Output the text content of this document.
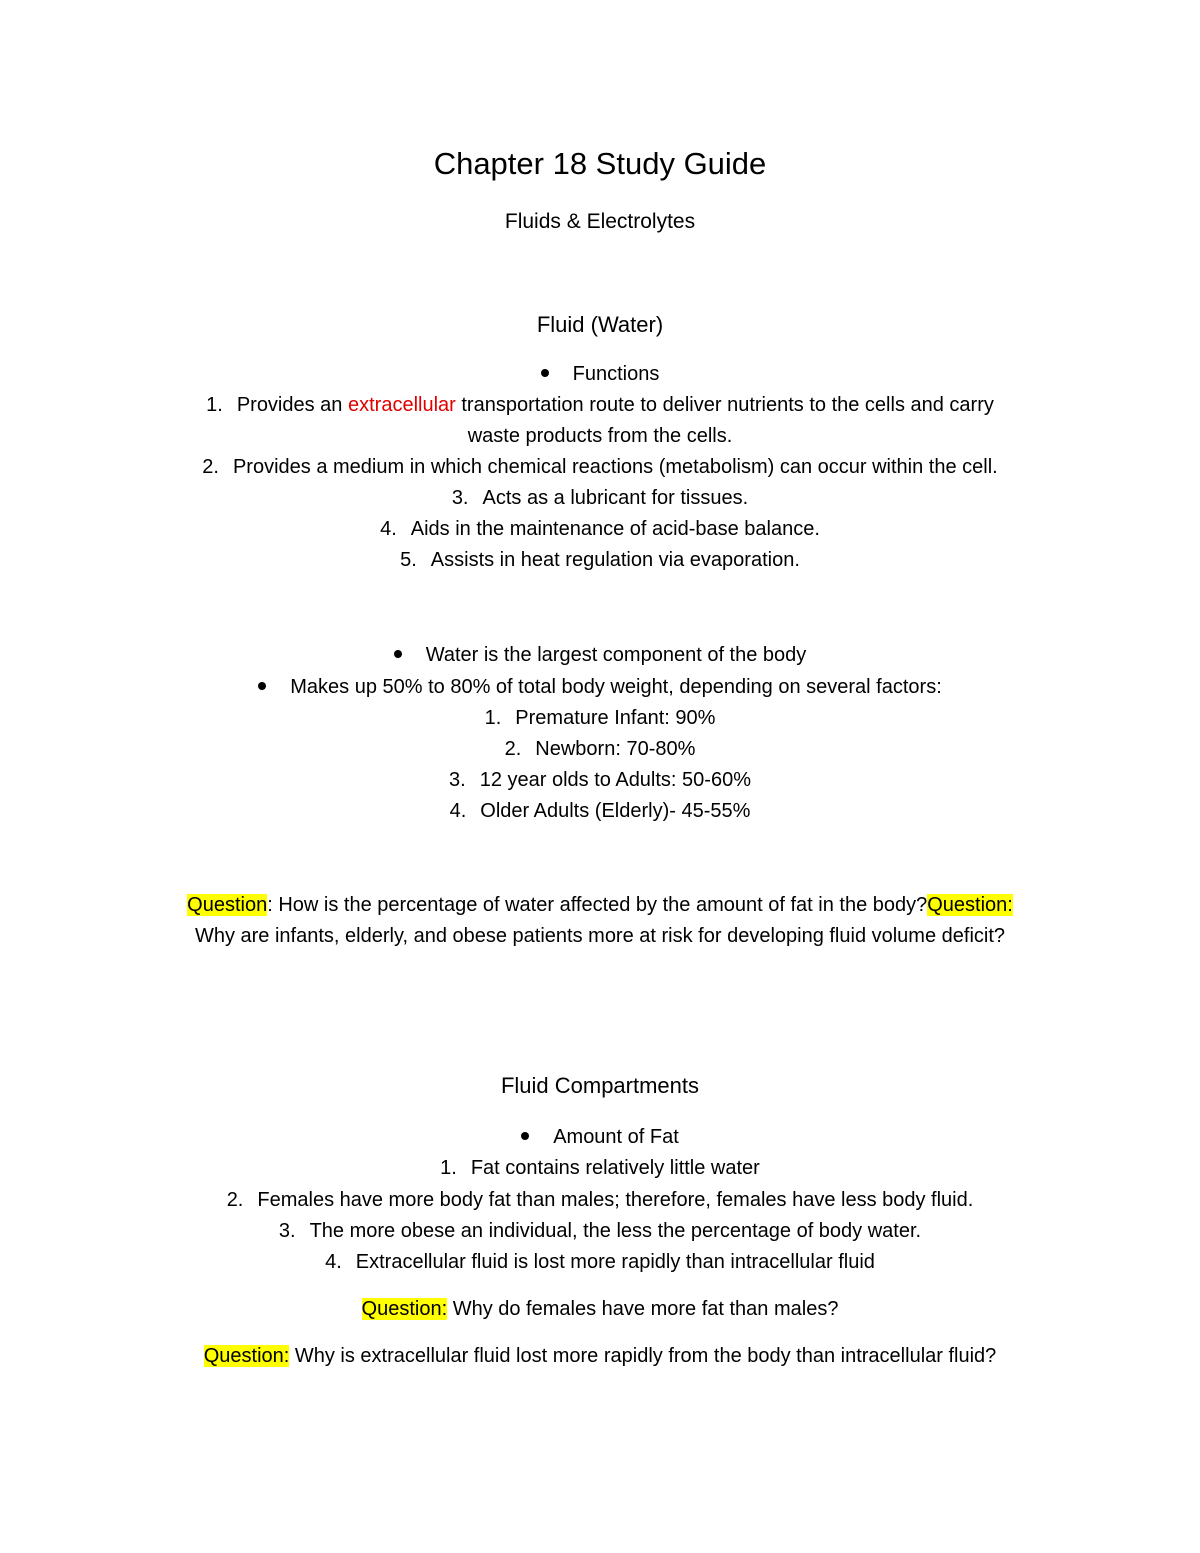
Chapter 18 Study Guide
Fluids & Electrolytes
Fluid (Water)
Functions
1. Provides an extracellular transportation route to deliver nutrients to the cells and carry
waste products from the cells.
2. Provides a medium in which chemical reactions (metabolism) can occur within the cell.
3. Acts as a lubricant for tissues.
4. Aids in the maintenance of acid-base balance.
5. Assists in heat regulation via evaporation.
Water is the largest component of the body
Makes up 50% to 80% of total body weight, depending on several factors:
1. Premature Infant: 90%
2. Newborn: 70-80%
3. 12 year olds to Adults: 50-60%
4. Older Adults (Elderly)- 45-55%
Question: How is the percentage of water affected by the amount of fat in the body?Question:
Why are infants, elderly, and obese patients more at risk for developing fluid volume deficit?
Fluid Compartments
Amount of Fat
1. Fat contains relatively little water
2. Females have more body fat than males; therefore, females have less body fluid.
3. The more obese an individual, the less the percentage of body water.
4. Extracellular fluid is lost more rapidly than intracellular fluid
Question: Why do females have more fat than males?
Question: Why is extracellular fluid lost more rapidly from the body than intracellular fluid?
